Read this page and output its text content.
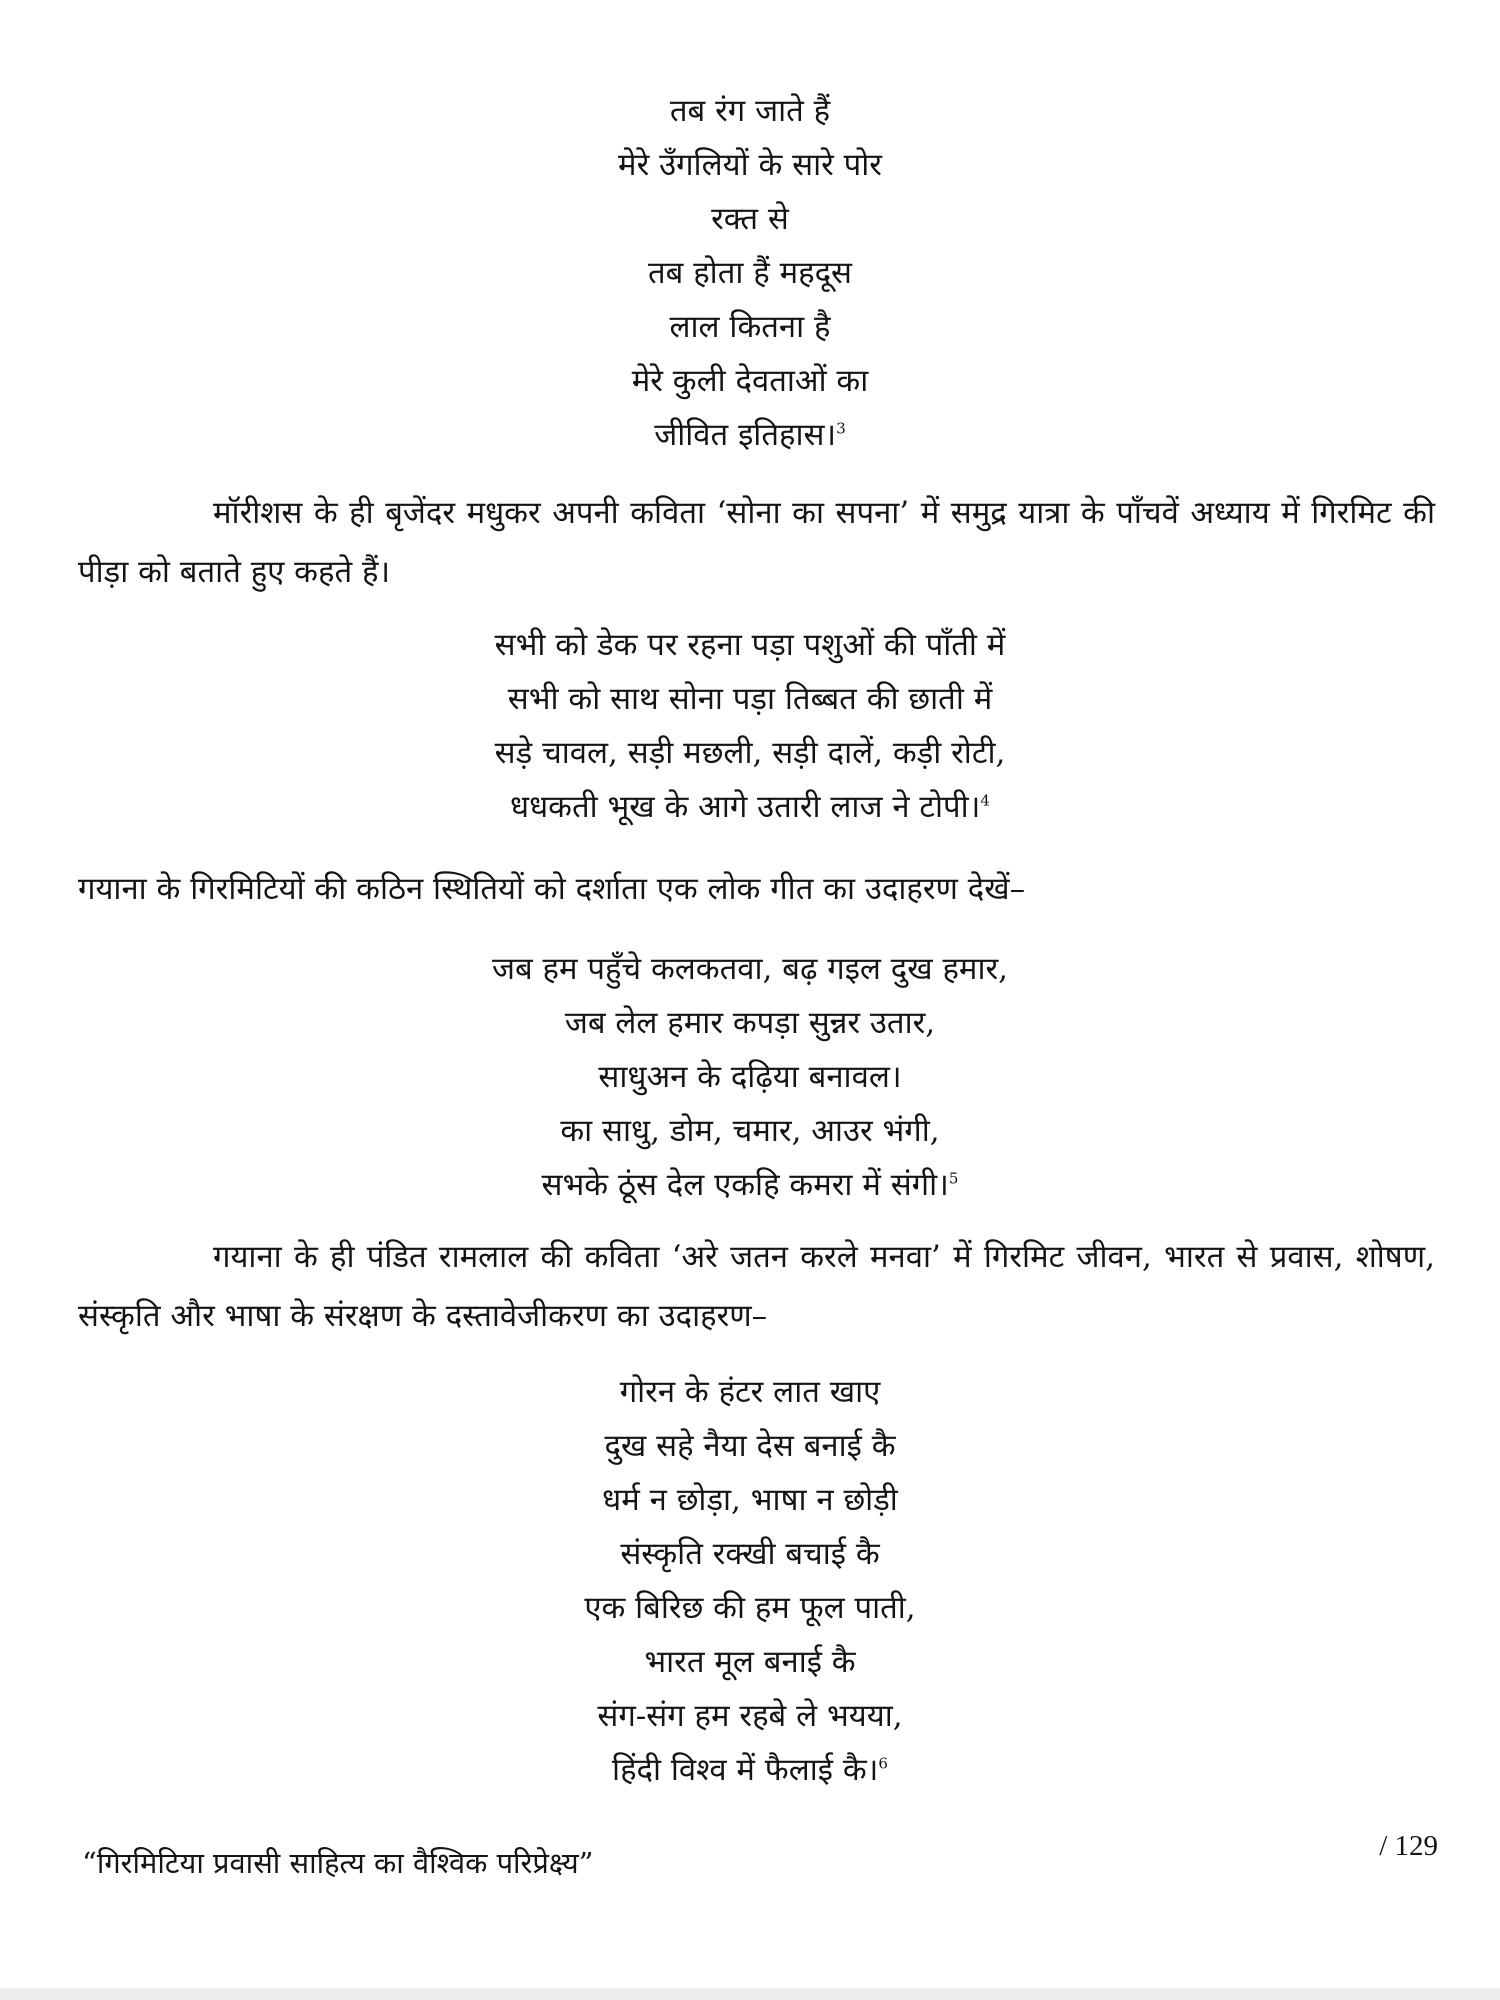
तब रंग जाते हैं
मेरे उँगलियों के सारे पोर
रक्त से
तब होता हैं महदूस
लाल कितना है
मेरे कुली देवताओं का
जीवित इतिहास।$^3$
मॉरीशस के ही बृजेंदर मधुकर अपनी कविता ‘सोना का सपना’ में समुद्र यात्रा के पाँचवें अध्याय में गिरमिट की पीड़ा को बताते हुए कहते हैं।
सभी को डेक पर रहना पड़ा पशुओं की पाँती में
सभी को साथ सोना पड़ा तिब्बत की छाती में
सड़े चावल, सड़ी मछली, सड़ी दालें, कड़ी रोटी,
धधकती भूख के आगे उतारी लाज ने टोपी।$^4$
गयाना के गिरमिटियों की कठिन स्थितियों को दर्शाता एक लोक गीत का उदाहरण देखें–
जब हम पहुँचे कलकतवा, बढ़ गइल दुख हमार,
जब लेल हमार कपड़ा सुन्नर उतार,
साधुअन के दढ़िया बनावल।
का साधु, डोम, चमार, आउर भंगी,
सभके ठूंस देल एकहि कमरा में संगी।$^5$
गयाना के ही पंडित रामलाल की कविता ‘अरे जतन करले मनवा’ में गिरमिट जीवन, भारत से प्रवास, शोषण, संस्कृति और भाषा के संरक्षण के दस्तावेजीकरण का उदाहरण–
गोरन के हंटर लात खाए
दुख सहे नैया देस बनाई कै
धर्म न छोड़ा, भाषा न छोड़ी
संस्कृति रक्खी बचाई कै
एक बिरिछ की हम फूल पाती,
भारत मूल बनाई कै
संग-संग हम रहबे ले भयया,
हिंदी विश्व में फैलाई कै।$^6$
“गिरमिटिया प्रवासी साहित्य का वैश्विक परिप्रेक्ष्य”	/ 129
